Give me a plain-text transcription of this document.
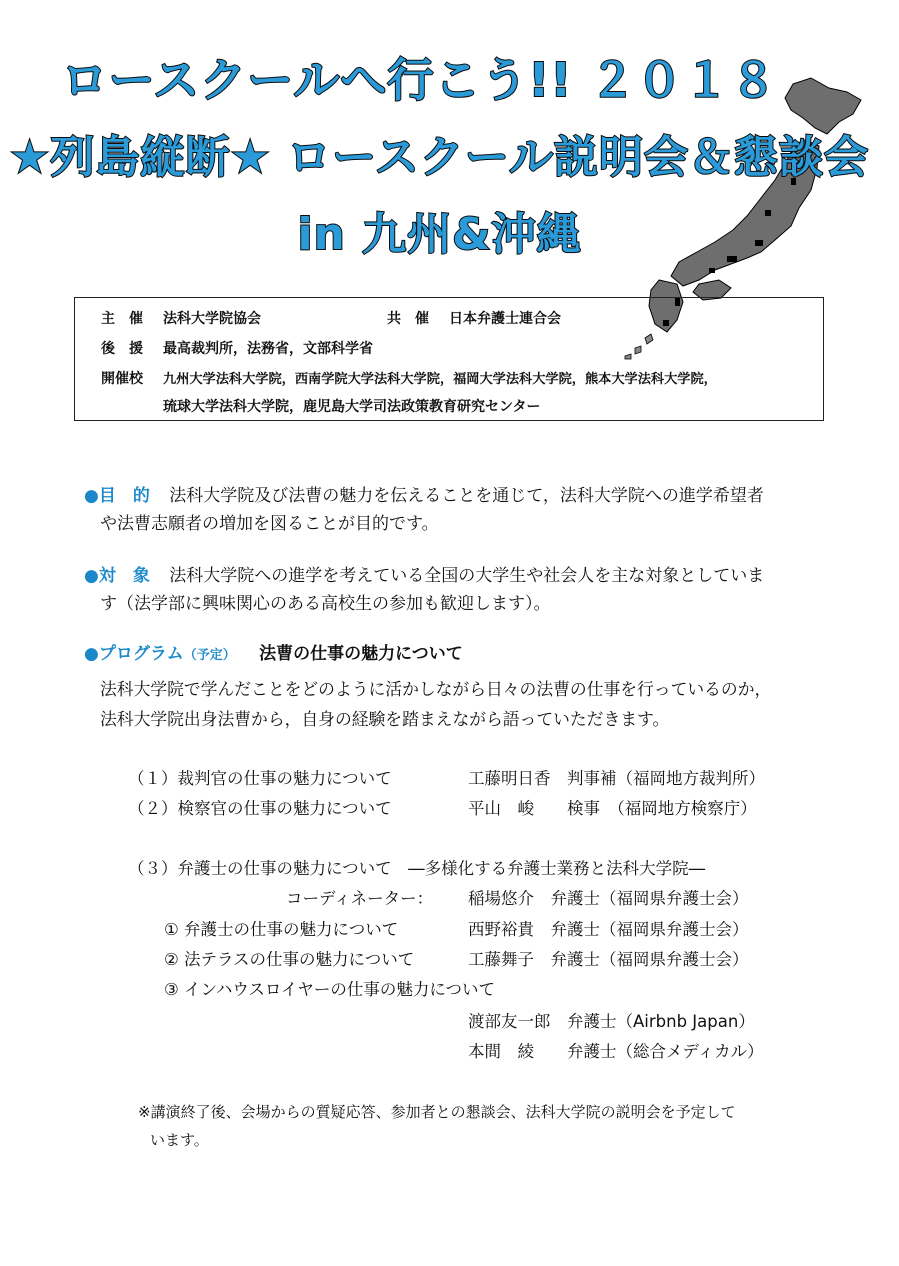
ロースクールへ行こう!! ２０１８
★列島縦断★ ロースクール説明会＆懇談会
in 九州&沖縄
主　催 法科大学院協会	共　催 日本弁護士連合会
後　援 最高裁判所，法務省，文部科学省
開催校 九州大学法科大学院，西南学院大学法科大学院，福岡大学法科大学院，熊本大学法科大学院，
琉球大学法科大学院，鹿児島大学司法政策教育研究センター
●目　的 法科大学院及び法曹の魅力を伝えることを通じて，法科大学院への進学希望者
や法曹志願者の増加を図ることが目的です。
●対　象 法科大学院への進学を考えている全国の大学生や社会人を主な対象としていま
す（法学部に興味関心のある高校生の参加も歓迎します）。
●プログラム（予定） 法曹の仕事の魅力について
法科大学院で学んだことをどのように活かしながら日々の法曹の仕事を行っているのか，
法科大学院出身法曹から，自身の経験を踏まえながら語っていただきます。
（１）裁判官の仕事の魅力について	工藤明日香　判事補（福岡地方裁判所）
（２）検察官の仕事の魅力について	平山　峻　　検事　（福岡地方検察庁）
（３）弁護士の仕事の魅力について　―多様化する弁護士業務と法科大学院―
コーディネーター： 稲場悠介　弁護士（福岡県弁護士会）
① 弁護士の仕事の魅力について	西野裕貴　弁護士（福岡県弁護士会）
② 法テラスの仕事の魅力について	工藤舞子　弁護士（福岡県弁護士会）
③ インハウスロイヤーの仕事の魅力について
渡部友一郎　弁護士（Airbnb Japan）
本間　綾　　弁護士（総合メディカル）
※講演終了後、会場からの質疑応答、参加者との懇談会、法科大学院の説明会を予定して
います。
